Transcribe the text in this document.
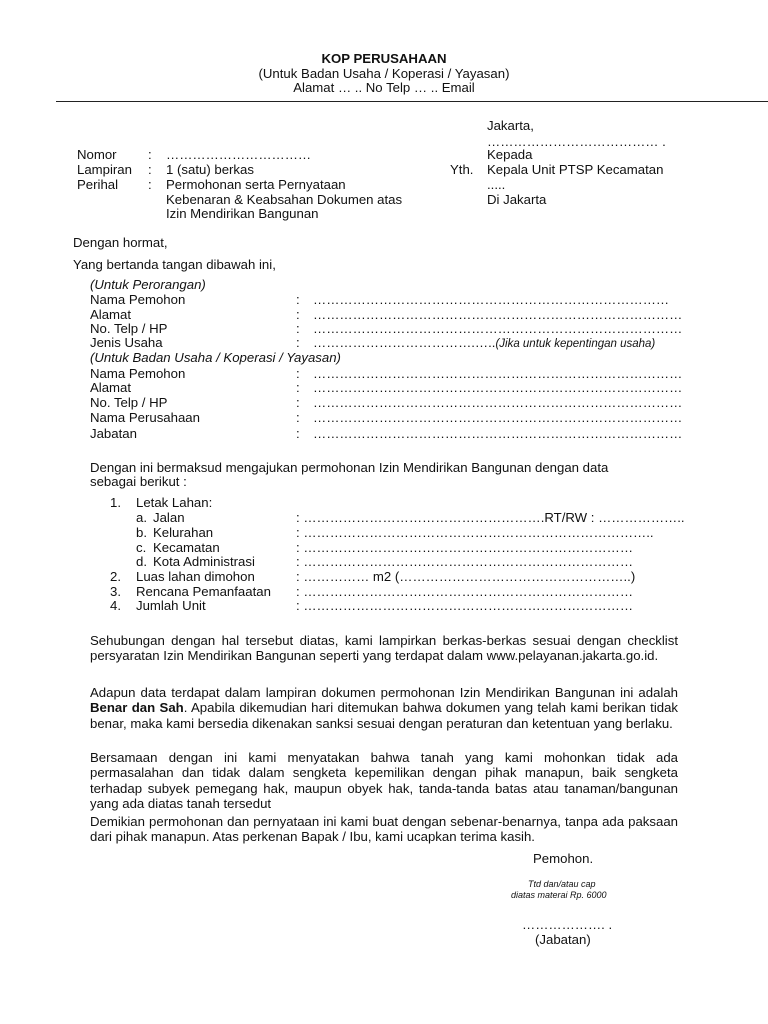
KOP PERUSAHAAN
(Untuk Badan Usaha / Koperasi / Yayasan)
Alamat … .. No Telp … .. Email
Jakarta,
………………………………… .
Kepada
Yth. Kepala Unit PTSP Kecamatan
.....
Di Jakarta
Nomor : ……………………………
Lampiran : 1 (satu) berkas
Perihal : Permohonan serta Pernyataan
Kebenaran & Keabsahan Dokumen atas
Izin Mendirikan Bangunan
Dengan hormat,
Yang bertanda tangan dibawah ini,
(Untuk Perorangan)
Nama Pemohon	: ………………………………………………………………………
Alamat	: …………………………………………………………………………
No. Telp / HP	: …………………………………………………………………………
Jenis Usaha	: ……………………………….…..(Jika untuk kepentingan usaha)
(Untuk Badan Usaha / Koperasi / Yayasan)
Nama Pemohon	: …………………………………………………………………………
Alamat	: …………………………………………………………………………
No. Telp / HP	: …………………………………………………………………………
Nama Perusahaan	: …………………………………………………………………………
Jabatan	: …………………………………………………………………………
Dengan ini bermaksud mengajukan permohonan Izin Mendirikan Bangunan dengan data
sebagai berikut :
1. Letak Lahan:
a. Jalan	: ……………………………………………….RT/RW : ………………..
b. Kelurahan	: ……………………………………………………………………..
c. Kecamatan	: …………………………………………………………………
d. Kota Administrasi	: …………………………………………………………………
2. Luas lahan dimohon	: …………… m2 (……………………………………………..)
3. Rencana Pemanfaatan : …………………………………………………………………
4. Jumlah Unit	: …………………………………………………………………
Sehubungan dengan hal tersebut diatas, kami lampirkan berkas-berkas sesuai dengan checklist persyaratan Izin Mendirikan Bangunan seperti yang terdapat dalam www.pelayanan.jakarta.go.id.
Adapun data terdapat dalam lampiran dokumen permohonan Izin Mendirikan Bangunan ini adalah Benar dan Sah. Apabila dikemudian hari ditemukan bahwa dokumen yang telah kami berikan tidak benar, maka kami bersedia dikenakan sanksi sesuai dengan peraturan dan ketentuan yang berlaku.
Bersamaan dengan ini kami menyatakan bahwa tanah yang kami mohonkan tidak ada permasalahan dan tidak dalam sengketa kepemilikan dengan pihak manapun, baik sengketa terhadap subyek pemegang hak, maupun obyek hak, tanda-tanda batas atau tanaman/bangunan yang ada diatas tanah tersedut
Demikian permohonan dan pernyataan ini kami buat dengan sebenar-benarnya, tanpa ada paksaan dari pihak manapun. Atas perkenan Bapak / Ibu, kami ucapkan terima kasih.
Pemohon.
Ttd dan/atau cap
diatas materai Rp. 6000
………………. .
(Jabatan)
